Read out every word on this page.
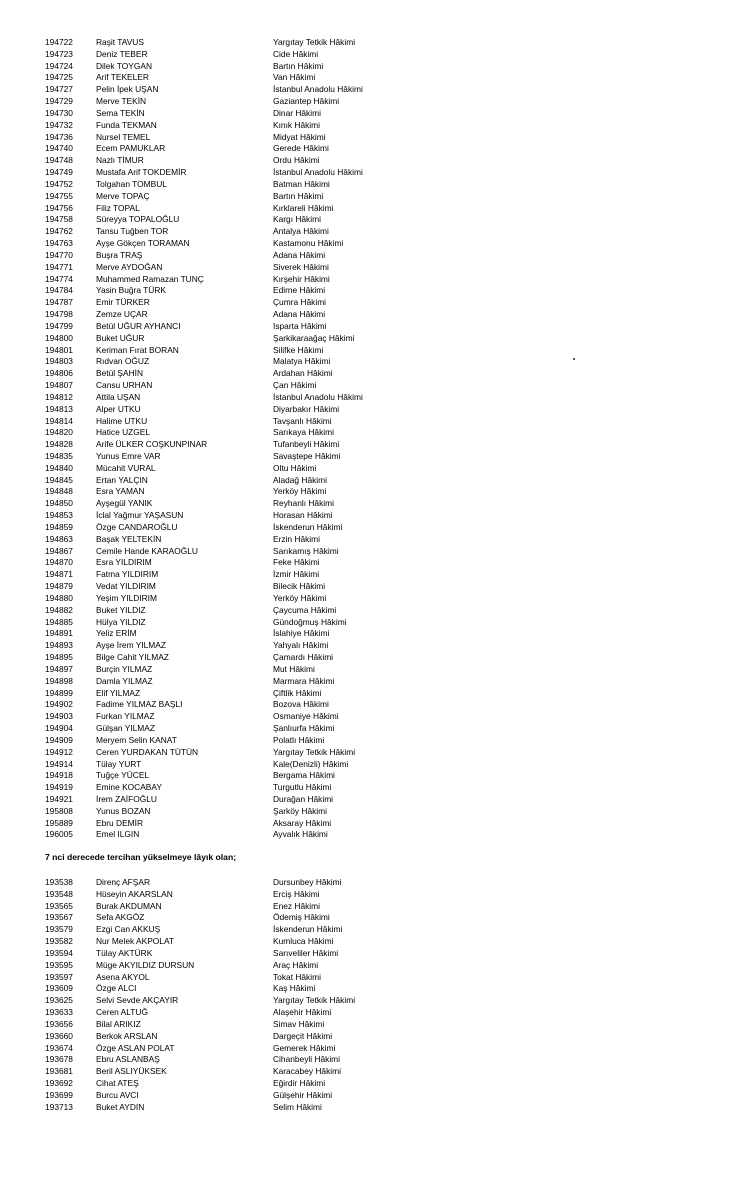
194722	Raşit TAVUS	Yargıtay Tetkik Hâkimi
194723	Deniz TEBER	Cide Hâkimi
194724	Dilek TOYGAN	Bartın Hâkimi
194725	Arif TEKELER	Van Hâkimi
194727	Pelin İpek UŞAN	İstanbul Anadolu Hâkimi
194729	Merve TEKİN	Gaziantep Hâkimi
194730	Sema TEKİN	Dinar Hâkimi
194732	Funda TEKMAN	Kınık Hâkimi
194736	Nursel TEMEL	Midyat Hâkimi
194740	Ecem PAMUKLAR	Gerede Hâkimi
194748	Nazlı TİMUR	Ordu Hâkimi
194749	Mustafa Arif TOKDEMİR	İstanbul Anadolu Hâkimi
194752	Tolgahan TOMBUL	Batman Hâkimi
194755	Merve TOPAÇ	Bartın Hâkimi
194756	Filiz TOPAL	Kırklareli Hâkimi
194758	Süreyya TOPALOĞLU	Kargı Hâkimi
194762	Tansu Tuğben TOR	Antalya Hâkimi
194763	Ayşe Gökçen TORAMAN	Kastamonu Hâkimi
194770	Buşra TRAŞ	Adana Hâkimi
194771	Merve AYDOĞAN	Siverek Hâkimi
194774	Muhammed Ramazan TUNÇ	Kırşehir Hâkimi
194784	Yasin Buğra TÜRK	Edirne Hâkimi
194787	Emir TÜRKER	Çumra Hâkimi
194798	Zemze UÇAR	Adana Hâkimi
194799	Betül UĞUR AYHANCI	Isparta Hâkimi
194800	Buket UĞUR	Şarkikaraağaç Hâkimi
194801	Keriman Fırat BORAN	Silifke Hâkimi
194803	Rıdvan OĞUZ	Malatya Hâkimi
194806	Betül ŞAHİN	Ardahan Hâkimi
194807	Cansu URHAN	Çan Hâkimi
194812	Attila UŞAN	İstanbul Anadolu Hâkimi
194813	Alper UTKU	Diyarbakır Hâkimi
194814	Halime UTKU	Tavşanlı Hâkimi
194820	Hatice UZGEL	Sarıkaya Hâkimi
194828	Arife ÜLKER COŞKUNPINAR	Tufanbeyli Hâkimi
194835	Yunus Emre VAR	Savaştepe Hâkimi
194840	Mücahit VURAL	Oltu Hâkimi
194845	Ertan YALÇIN	Aladağ Hâkimi
194848	Esra YAMAN	Yerköy Hâkimi
194850	Ayşegül YANIK	Reyhanlı Hâkimi
194853	İclal Yağmur YAŞASUN	Horasan Hâkimi
194859	Özge CANDAROĞLU	İskenderun Hâkimi
194863	Başak YELTEKİN	Erzin Hâkimi
194867	Cemile Hande KARAOĞLU	Sarıkamış Hâkimi
194870	Esra YILDIRIM	Feke Hâkimi
194871	Fatma YILDIRIM	İzmir Hâkimi
194879	Vedat YILDIRIM	Bilecik Hâkimi
194880	Yeşim YILDIRIM	Yerköy Hâkimi
194882	Buket YILDIZ	Çaycuma Hâkimi
194885	Hülya YILDIZ	Gündoğmuş Hâkimi
194891	Yeliz ERİM	İslahiye Hâkimi
194893	Ayşe İrem YILMAZ	Yahyalı Hâkimi
194895	Bilge Cahit YILMAZ	Çamardı Hâkimi
194897	Burçin YILMAZ	Mut Hâkimi
194898	Damla YILMAZ	Marmara Hâkimi
194899	Elif YILMAZ	Çiftlik Hâkimi
194902	Fadime YILMAZ BAŞLI	Bozova Hâkimi
194903	Furkan YILMAZ	Osmaniye Hâkimi
194904	Gülşan YILMAZ	Şanlıurfa Hâkimi
194909	Meryem Selin KANAT	Polatlı Hâkimi
194912	Ceren YURDAKAN TÜTÜN	Yargıtay Tetkik Hâkimi
194914	Tülay YURT	Kale(Denizli) Hâkimi
194918	Tuğçe YÜCEL	Bergama Hâkimi
194919	Emine KOCABAY	Turgutlu Hâkimi
194921	İrem ZAİFOĞLU	Durağan Hâkimi
195808	Yunus BOZAN	Şarköy Hâkimi
195889	Ebru DEMİR	Aksaray Hâkimi
196005	Emel ILGIN	Ayvalık Hâkimi
7 nci derecede tercihan yükselmeye lâyık olan;
193538	Direnç AFŞAR	Dursunbey Hâkimi
193548	Hüseyin AKARSLAN	Erciş Hâkimi
193565	Burak AKDUMAN	Enez Hâkimi
193567	Sefa AKGÖZ	Ödemiş Hâkimi
193579	Ezgi Can AKKUŞ	İskenderun Hâkimi
193582	Nur Melek AKPOLAT	Kumluca Hâkimi
193594	Tülay AKTÜRK	Sarıveliler Hâkimi
193595	Müge AKYILDIZ DURSUN	Araç Hâkimi
193597	Asena AKYOL	Tokat Hâkimi
193609	Özge ALCI	Kaş Hâkimi
193625	Selvi Sevde AKÇAYIR	Yargıtay Tetkik Hâkimi
193633	Ceren ALTUĞ	Alaşehir Hâkimi
193656	Bilal ARIKIZ	Simav Hâkimi
193660	Berkok ARSLAN	Dargeçit Hâkimi
193674	Özge ASLAN POLAT	Gemerek Hâkimi
193678	Ebru ASLANBAŞ	Cihanbeyli Hâkimi
193681	Beril ASLIYÜKSEK	Karacabey Hâkimi
193692	Cihat ATEŞ	Eğirdir Hâkimi
193699	Burcu AVCI	Gülşehir Hâkimi
193713	Buket AYDIN	Selim Hâkimi
